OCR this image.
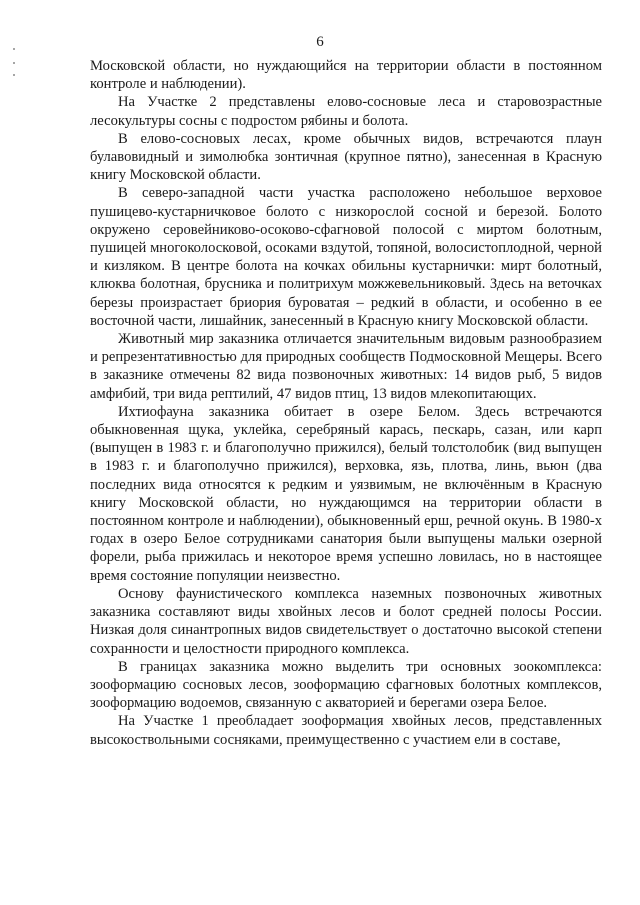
6

Московской области, но нуждающийся на территории области в постоянном контроле и наблюдении).

На Участке 2 представлены елово-сосновые леса и старовозрастные лесокультуры сосны с подростом рябины и болота.

В елово-сосновых лесах, кроме обычных видов, встречаются плаун булавовидный и зимолюбка зонтичная (крупное пятно), занесенная в Красную книгу Московской области.

В северо-западной части участка расположено небольшое верховое пушицево-кустарничковое болото с низкорослой сосной и березой. Болото окружено серовейниково-осоково-сфагновой полосой с миртом болотным, пушицей многоколосковой, осоками вздутой, топяной, волосистоплодной, черной и кизляком. В центре болота на кочках обильны кустарнички: мирт болотный, клюква болотная, брусника и политрихум можжевельниковый. Здесь на веточках березы произрастает бриория буроватая – редкий в области, и особенно в ее восточной части, лишайник, занесенный в Красную книгу Московской области.

Животный мир заказника отличается значительным видовым разнообразием и репрезентативностью для природных сообществ Подмосковной Мещеры. Всего в заказнике отмечены 82 вида позвоночных животных: 14 видов рыб, 5 видов амфибий, три вида рептилий, 47 видов птиц, 13 видов млекопитающих.

Ихтиофауна заказника обитает в озере Белом. Здесь встречаются обыкновенная щука, уклейка, серебряный карась, пескарь, сазан, или карп (выпущен в 1983 г. и благополучно прижился), белый толстолобик (вид выпущен в 1983 г. и благополучно прижился), верховка, язь, плотва, линь, вьюн (два последних вида относятся к редким и уязвимым, не включённым в Красную книгу Московской области, но нуждающимся на территории области в постоянном контроле и наблюдении), обыкновенный ерш, речной окунь. В 1980-х годах в озеро Белое сотрудниками санатория были выпущены мальки озерной форели, рыба прижилась и некоторое время успешно ловилась, но в настоящее время состояние популяции неизвестно.

Основу фаунистического комплекса наземных позвоночных животных заказника составляют виды хвойных лесов и болот средней полосы России. Низкая доля синантропных видов свидетельствует о достаточно высокой степени сохранности и целостности природного комплекса.

В границах заказника можно выделить три основных зоокомплекса: зооформацию сосновых лесов, зооформацию сфагновых болотных комплексов, зооформацию водоемов, связанную с акваторией и берегами озера Белое.

На Участке 1 преобладает зооформация хвойных лесов, представленных высокоствольными сосняками, преимущественно с участием ели в составе,
